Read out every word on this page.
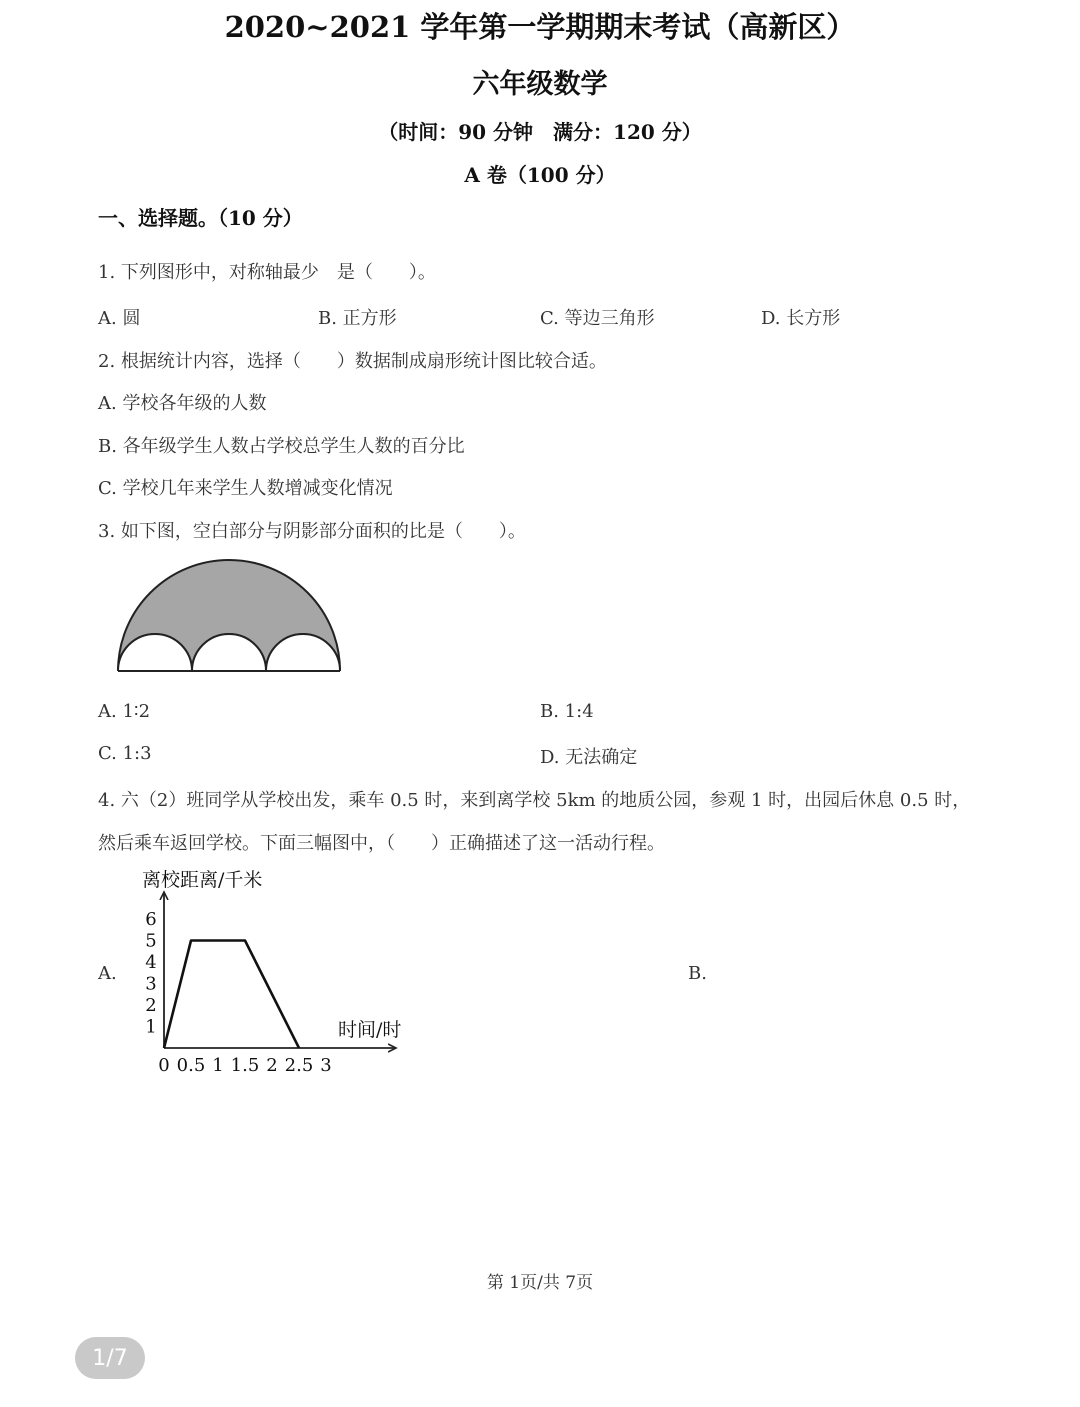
2020~2021 学年第一学期期末考试（高新区）
六年级数学
（时间：90 分钟　满分：120 分）
A 卷（100 分）
一、选择题。（10 分）
1. 下列图形中，对称轴最少　是（　　）。
A. 圆	B. 正方形	C. 等边三角形	D. 长方形
2. 根据统计内容，选择（　　）数据制成扇形统计图比较合适。
A. 学校各年级的人数
B. 各年级学生人数占学校总学生人数的百分比
C. 学校几年来学生人数增减变化情况
3. 如下图，空白部分与阴影部分面积的比是（　　）。
A. 1∶2	B. 1:4
C. 1:3	D. 无法确定
4. 六（2）班同学从学校出发，乘车 0.5 时，来到离学校 5km 的地质公园，参观 1 时，出园后休息 0.5 时，
然后乘车返回学校。下面三幅图中，（　　）正确描述了这一活动行程。
A.	B.
离校距离/千米
时间/时
0 0.5 1 1.5 2 2.5 3
1
2
3
4
5
6
第 1页/共 7页
1/7
